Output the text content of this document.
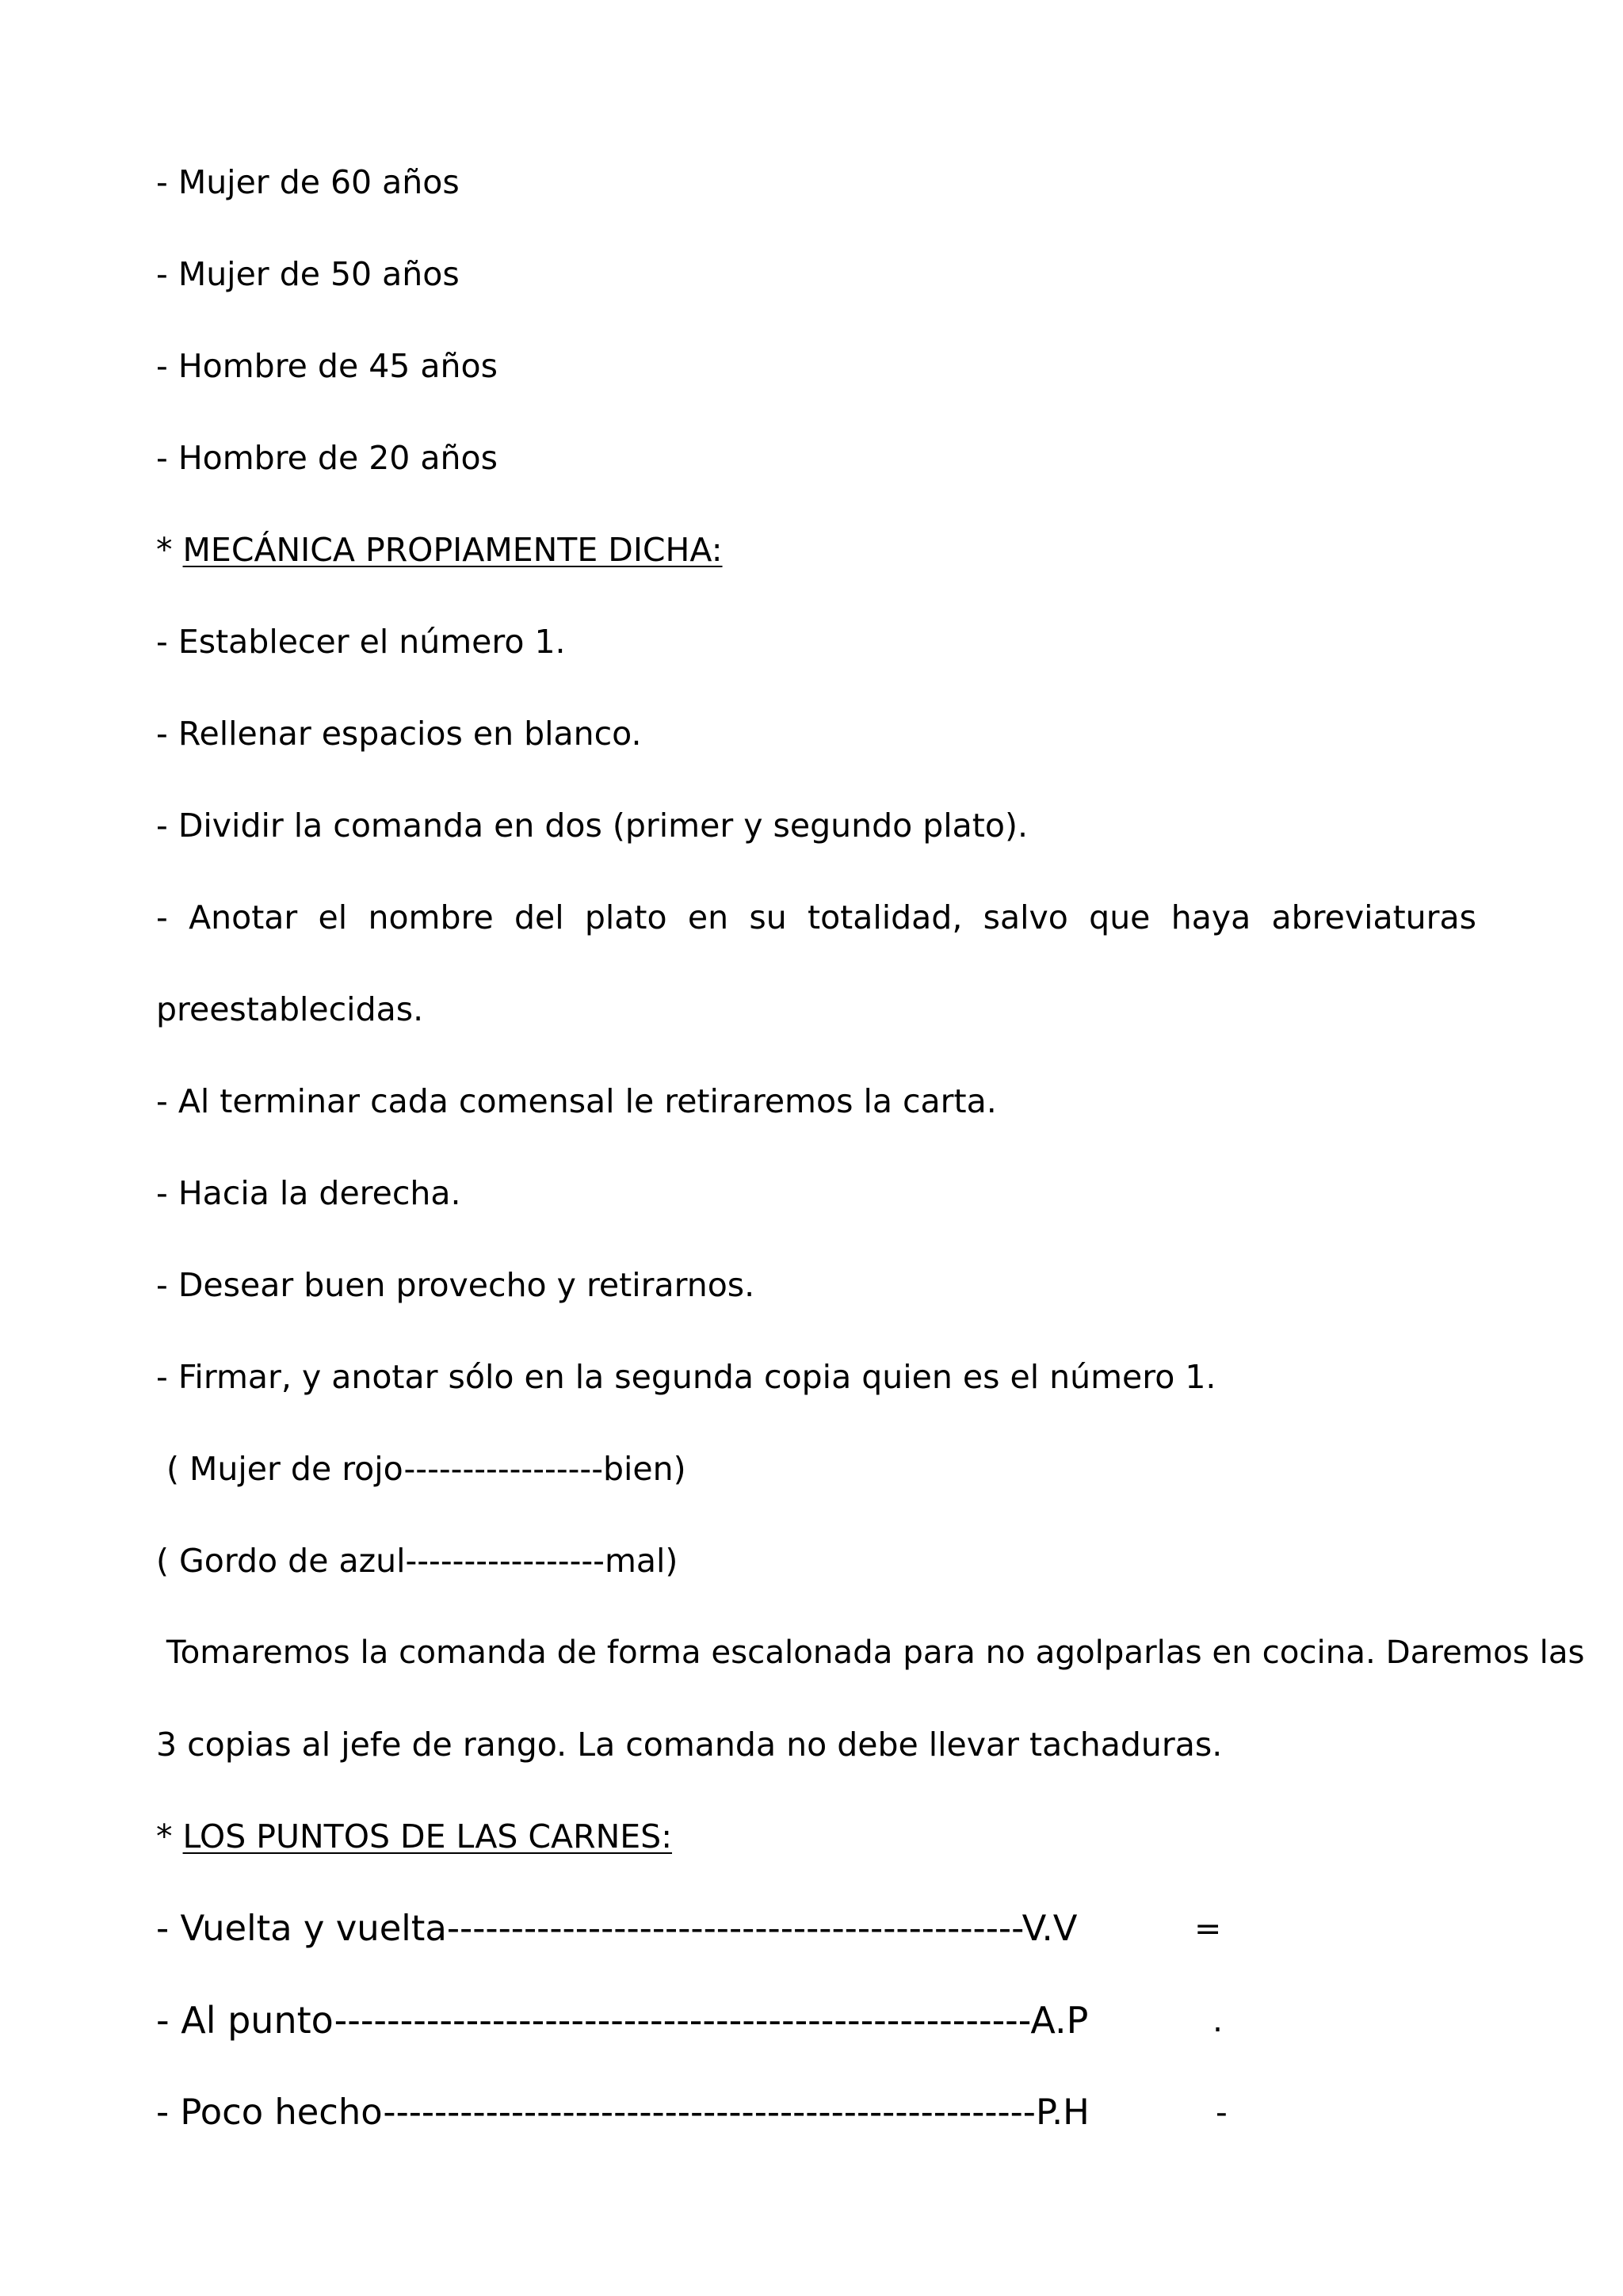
- Mujer de 60 años
- Mujer de 50 años
- Hombre de 45 años
- Hombre de 20 años
* MECÁNICA PROPIAMENTE DICHA:
- Establecer el número 1.
- Rellenar espacios en blanco.
- Dividir la comanda en dos (primer y segundo plato).
- Anotar el nombre del plato en su totalidad, salvo que haya abreviaturas
preestablecidas.
- Al terminar cada comensal le retiraremos la carta.
- Hacia la derecha.
- Desear buen provecho y retirarnos.
- Firmar, y anotar sólo en la segunda copia quien es el número 1.
( Mujer de rojo-----------------bien)
( Gordo de azul-----------------mal)
Tomaremos la comanda de forma escalonada para no agolparlas en cocina. Daremos las
3 copias al jefe de rango. La comanda no debe llevar tachaduras.
* LOS PUNTOS DE LAS CARNES:
- Vuelta y vuelta---------------------------------------------V.V	=
- Al punto-----------------------------------------------------A.P	.
- Poco hecho---------------------------------------------------P.H	-
